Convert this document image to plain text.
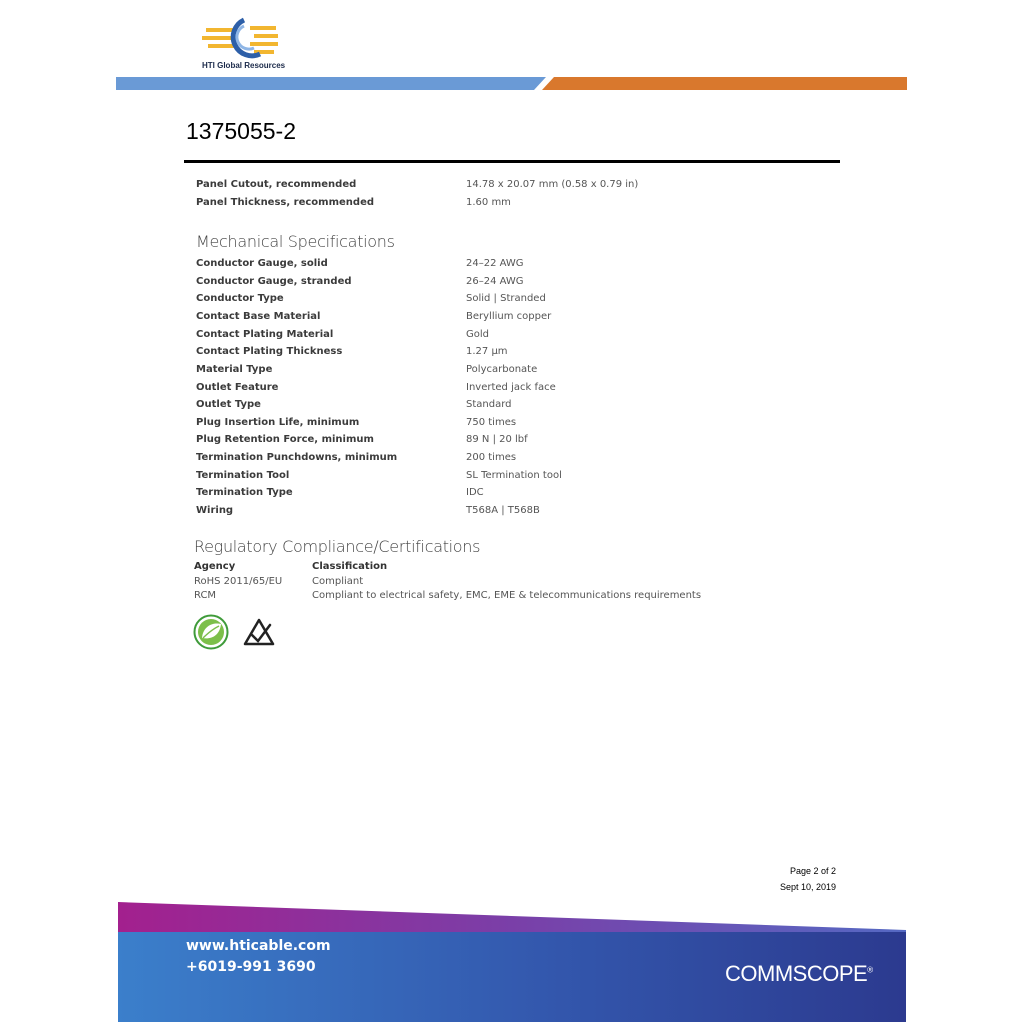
HTI Global Resources
1375055-2
Panel Cutout, recommended	14.78 x 20.07 mm (0.58 x 0.79 in)
Panel Thickness, recommended	1.60 mm
Mechanical Specifications
Conductor Gauge, solid	24–22 AWG
Conductor Gauge, stranded	26–24 AWG
Conductor Type	Solid | Stranded
Contact Base Material	Beryllium copper
Contact Plating Material	Gold
Contact Plating Thickness	1.27 µm
Material Type	Polycarbonate
Outlet Feature	Inverted jack face
Outlet Type	Standard
Plug Insertion Life, minimum	750 times
Plug Retention Force, minimum	89 N | 20 lbf
Termination Punchdowns, minimum	200 times
Termination Tool	SL Termination tool
Termination Type	IDC
Wiring	T568A | T568B
Regulatory Compliance/Certifications
Agency	Classification
RoHS 2011/65/EU	Compliant
RCM	Compliant to electrical safety, EMC, EME & telecommunications requirements
Page 2 of 2
Sept 10, 2019
www.hticable.com
+6019-991 3690	COMMSCOPE®
